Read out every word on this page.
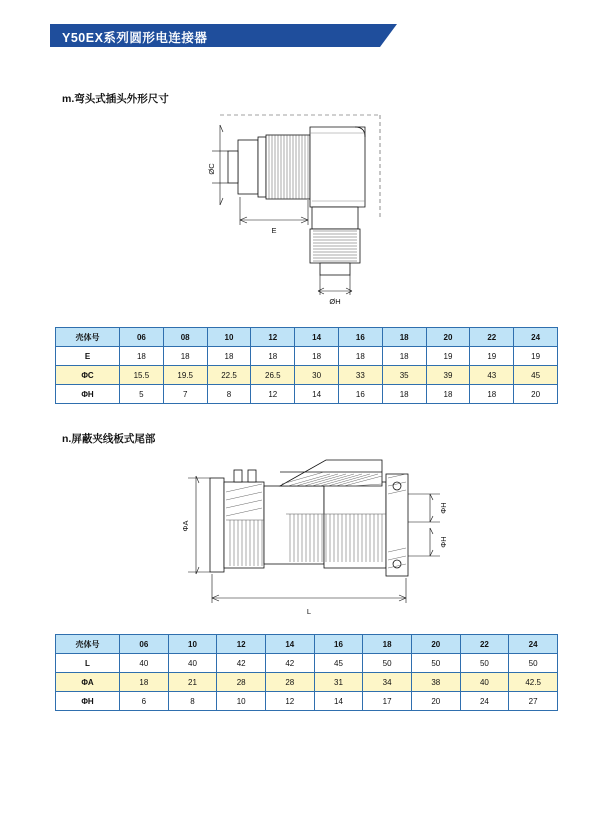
Y50EX系列圆形电连接器
m.弯头式插头外形尺寸
ØC
E
ØH
壳体号	06	08	10	12	14	16	18	20	22	24
E	18	18	18	18	18	18	18	19	19	19
ΦC	15.5	19.5	22.5	26.5	30	33	35	39	43	45
ΦH	5	7	8	12	14	16	18	18	18	20
n.屏蔽夹线板式尾部
ΦA
ΦH
ΦH
L
壳体号	06	10	12	14	16	18	20	22	24
L	40	40	42	42	45	50	50	50	50
ΦA	18	21	28	28	31	34	38	40	42.5
ΦH	6	8	10	12	14	17	20	24	27
